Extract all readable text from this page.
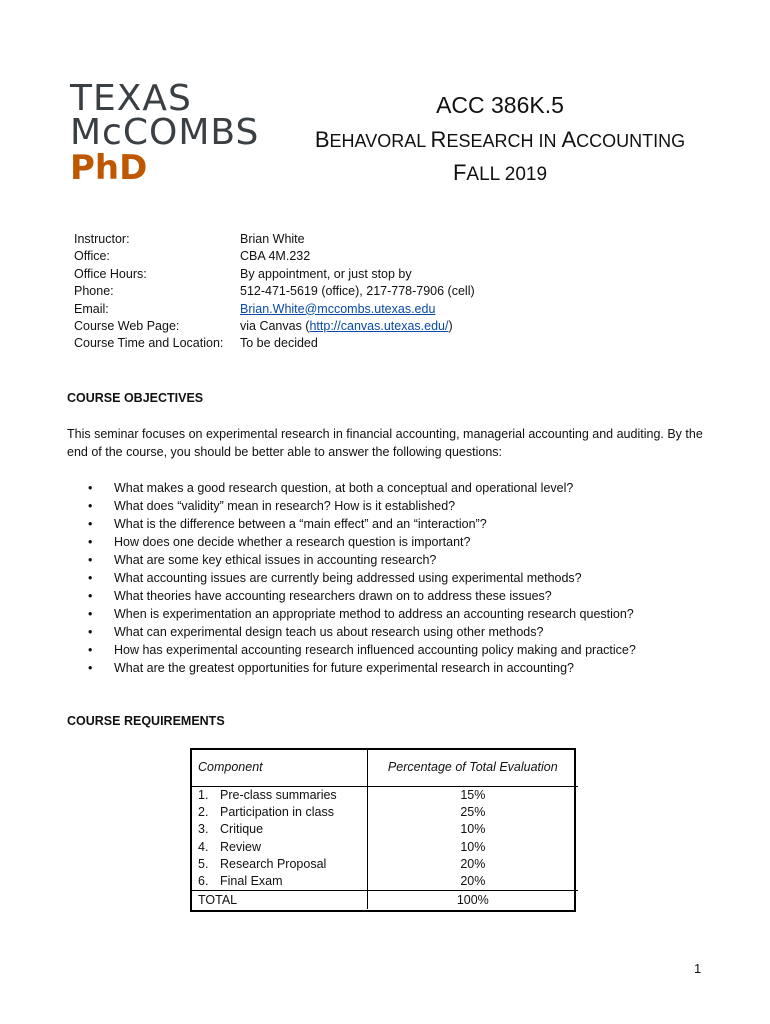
TEXAS
McCOMBS
PhD
ACC 386K.5
BEHAVORAL RESEARCH IN ACCOUNTING
FALL 2019
Instructor:	Brian White
Office:	CBA 4M.232
Office Hours:	By appointment, or just stop by
Phone:	512-471-5619 (office), 217-778-7906 (cell)
Email:	Brian.White@mccombs.utexas.edu
Course Web Page:	via Canvas (http://canvas.utexas.edu/)
Course Time and Location:	To be decided
COURSE OBJECTIVES
This seminar focuses on experimental research in financial accounting, managerial accounting and auditing. By the end of the course, you should be better able to answer the following questions:
• What makes a good research question, at both a conceptual and operational level?
• What does “validity” mean in research? How is it established?
• What is the difference between a “main effect” and an “interaction”?
• How does one decide whether a research question is important?
• What are some key ethical issues in accounting research?
• What accounting issues are currently being addressed using experimental methods?
• What theories have accounting researchers drawn on to address these issues?
• When is experimentation an appropriate method to address an accounting research question?
• What can experimental design teach us about research using other methods?
• How has experimental accounting research influenced accounting policy making and practice?
• What are the greatest opportunities for future experimental research in accounting?
COURSE REQUIREMENTS
Component	Percentage of Total Evaluation
1. Pre-class summaries	15%
2. Participation in class	25%
3. Critique	10%
4. Review	10%
5. Research Proposal	20%
6. Final Exam	20%
TOTAL	100%
1
